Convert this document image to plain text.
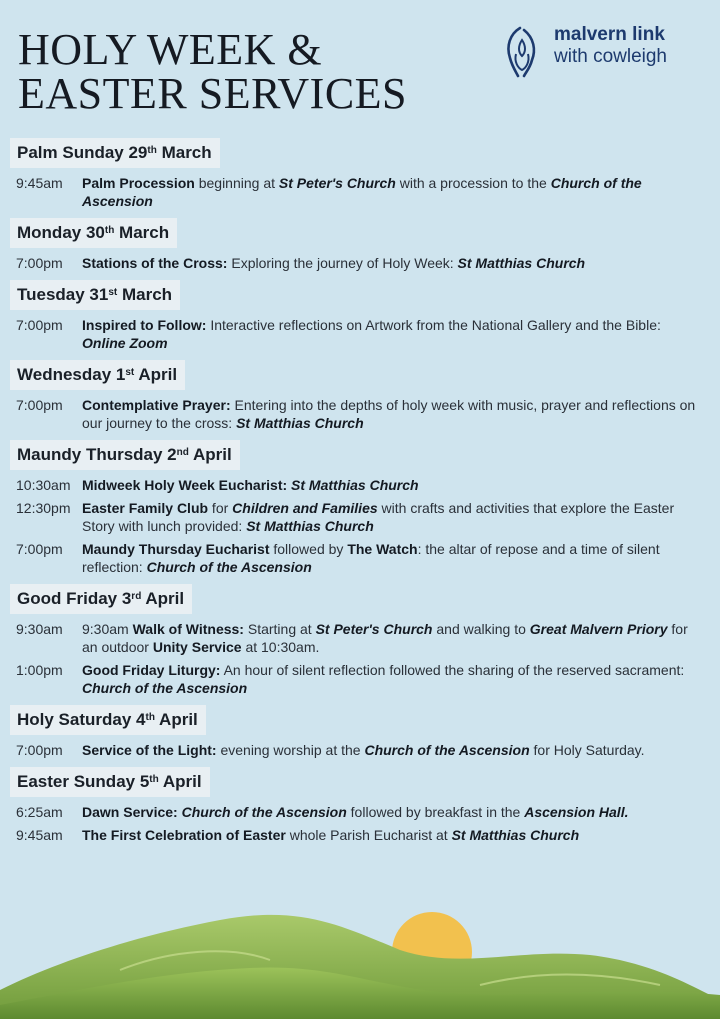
HOLY WEEK &
EASTER SERVICES
malvern link
with cowleigh
Palm Sunday 29th March
9:45am	Palm Procession beginning at St Peter's Church with a procession to the Church of the Ascension
Monday 30th March
7:00pm	Stations of the Cross: Exploring the journey of Holy Week: St Matthias Church
Tuesday 31st March
7:00pm	Inspired to Follow: Interactive reflections on Artwork from the National Gallery and the Bible: Online Zoom
Wednesday 1st April
7:00pm	Contemplative Prayer: Entering into the depths of holy week with music, prayer and reflections on our journey to the cross: St Matthias Church
Maundy Thursday 2nd April
10:30am Midweek Holy Week Eucharist: St Matthias Church
12:30pm Easter Family Club for Children and Families with crafts and activities that explore the Easter Story with lunch provided: St Matthias Church
7:00pm	Maundy Thursday Eucharist followed by The Watch: the altar of repose and a time of silent reflection: Church of the Ascension
Good Friday 3rd April
9:30am	9:30am Walk of Witness: Starting at St Peter's Church and walking to Great Malvern Priory for an outdoor Unity Service at 10:30am.
1:00pm	Good Friday Liturgy: An hour of silent reflection followed the sharing of the reserved sacrament: Church of the Ascension
Holy Saturday 4th April
7:00pm	Service of the Light: evening worship at the Church of the Ascension for Holy Saturday.
Easter Sunday 5th April
6:25am	Dawn Service: Church of the Ascension followed by breakfast in the Ascension Hall.
9:45am	The First Celebration of Easter whole Parish Eucharist at St Matthias Church
